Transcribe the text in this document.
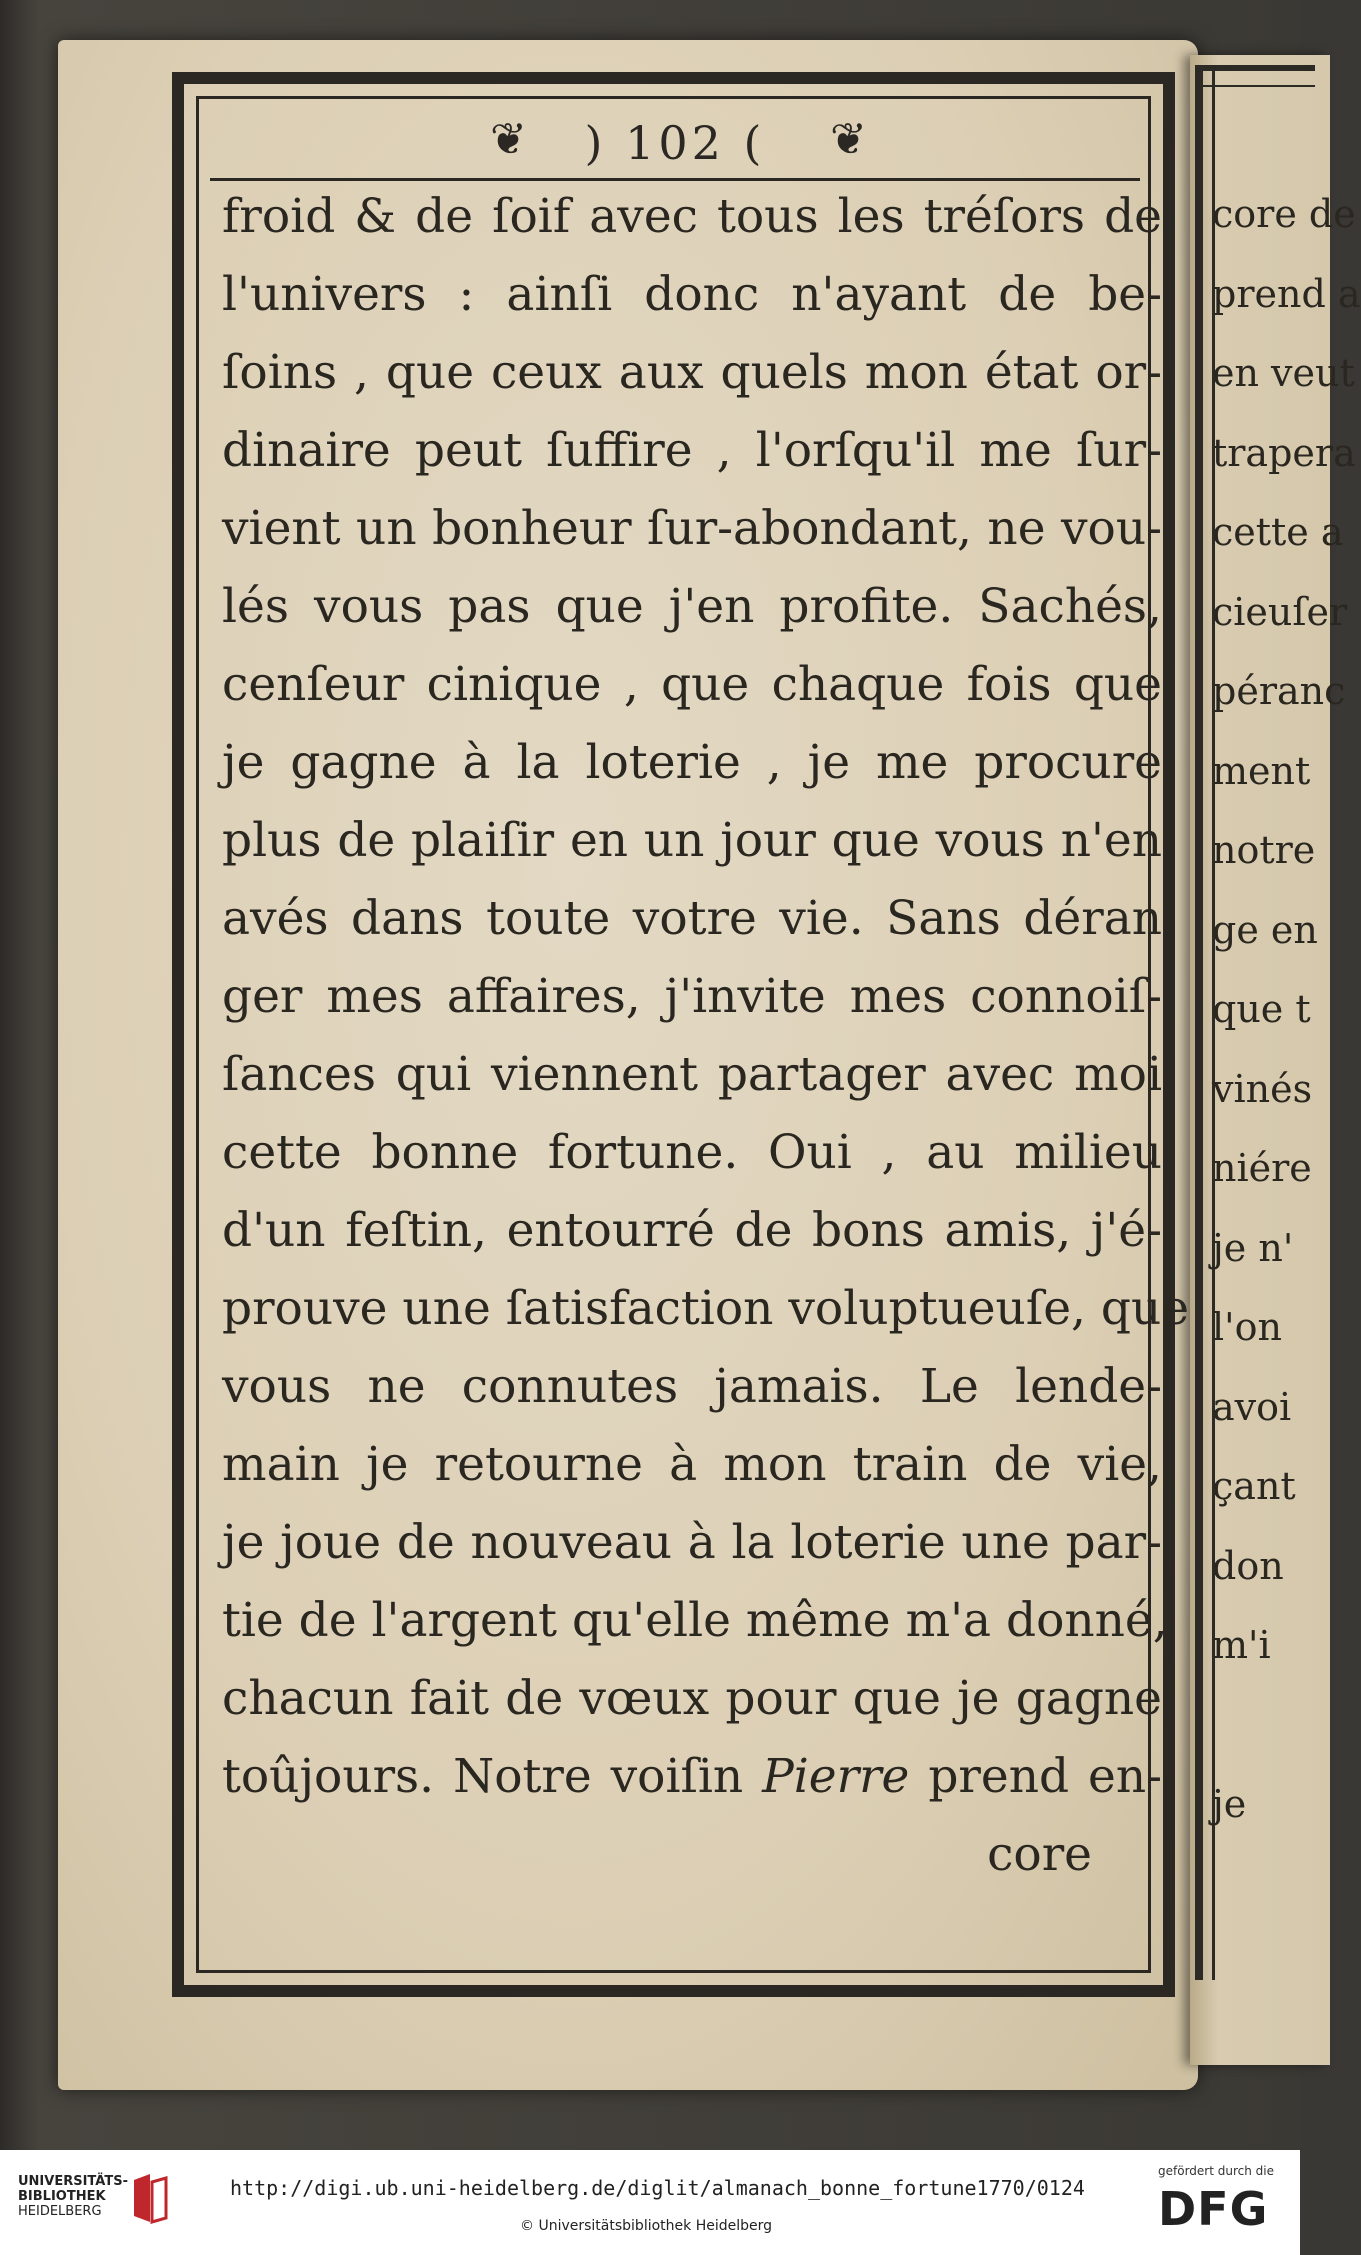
core de
prend a
en veut
trapera
cette a
cieuſer
péranc
ment
notre
ge en
que t
vinés
niére
je n'
l'on
avoi
çant
don
m'i
je
❦	) 102 (	❦
froid & de ſoif avec tous les tréſors de
l'univers : ainſi donc n'ayant de be-
ſoins , que ceux aux quels mon état or-
dinaire peut ſuffire , l'orſqu'il me ſur-
vient un bonheur ſur-abondant, ne vou-
lés vous pas que j'en profite. Sachés,
cenſeur cinique , que chaque fois que
je gagne à la loterie , je me procure
plus de plaiſir en un jour que vous n'en
avés dans toute votre vie. Sans déran
ger mes affaires, j'invite mes connoiſ-
ſances qui viennent partager avec moi
cette bonne fortune. Oui , au milieu
d'un feſtin, entourré de bons amis, j'é-
prouve une ſatisfaction voluptueuſe, que
vous ne connutes jamais. Le lende-
main je retourne à mon train de vie,
je joue de nouveau à la loterie une par-
tie de l'argent qu'elle même m'a donné,
chacun fait de vœux pour que je gagne
toûjours. Notre voiſin Pierre prend en-
core
UNIVERSITÄTS-
BIBLIOTHEK
HEIDELBERG
http://digi.ub.uni-heidelberg.de/diglit/almanach_bonne_fortune1770/0124
© Universitätsbibliothek Heidelberg
gefördert durch die
DFG
